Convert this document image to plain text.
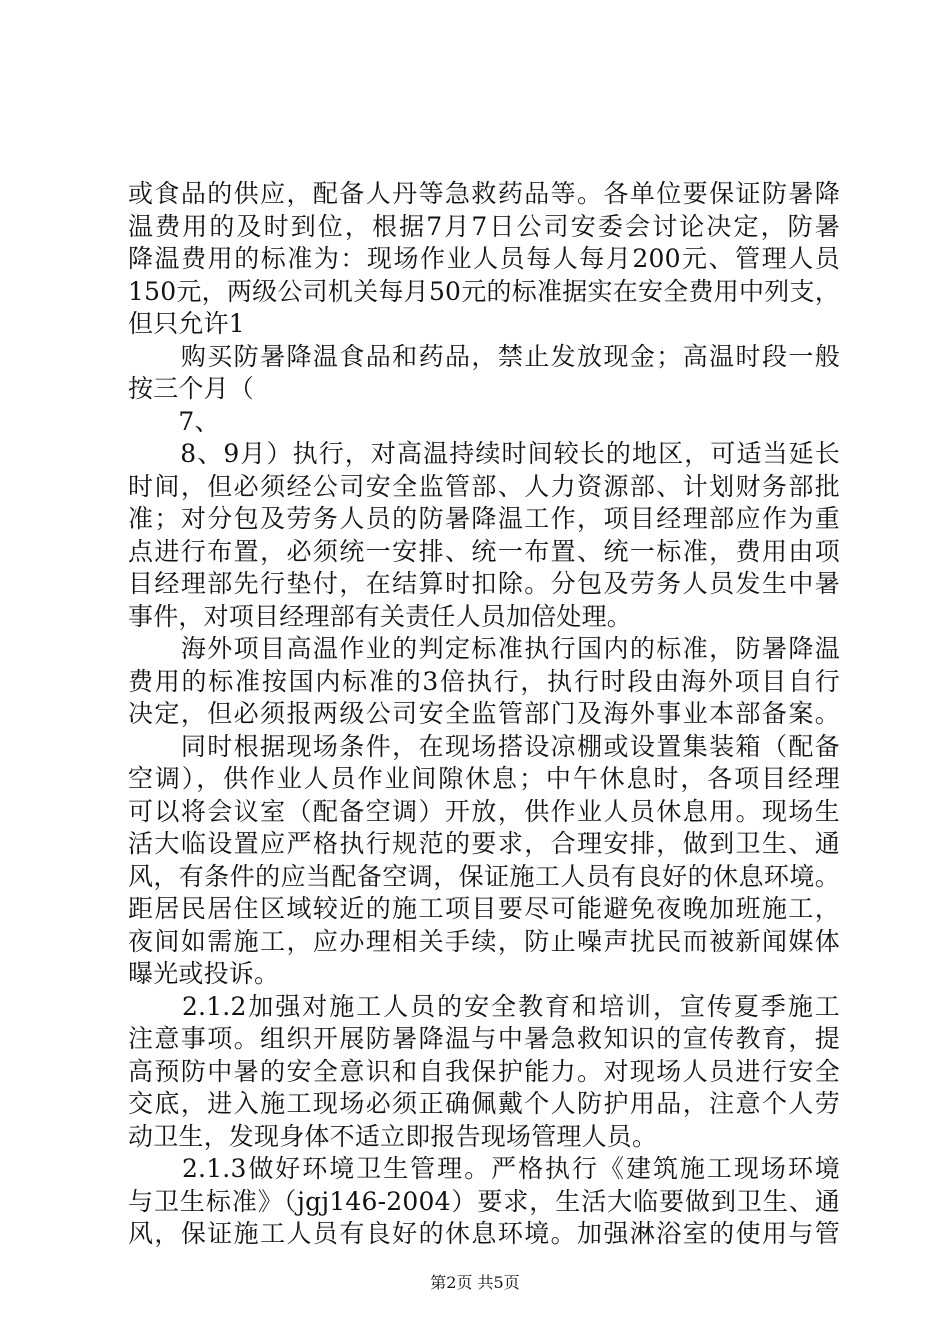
或食品的供应，配备人丹等急救药品等。各单位要保证防暑降
温费用的及时到位，根据7月7日公司安委会讨论决定，防暑
降温费用的标准为：现场作业人员每人每月200元、管理人员
150元，两级公司机关每月50元的标准据实在安全费用中列支，
但只允许1
　　购买防暑降温食品和药品，禁止发放现金；高温时段一般
按三个月（
　　7、
　　8、9月）执行，对高温持续时间较长的地区，可适当延长
时间，但必须经公司安全监管部、人力资源部、计划财务部批
准；对分包及劳务人员的防暑降温工作，项目经理部应作为重
点进行布置，必须统一安排、统一布置、统一标准，费用由项
目经理部先行垫付，在结算时扣除。分包及劳务人员发生中暑
事件，对项目经理部有关责任人员加倍处理。
　　海外项目高温作业的判定标准执行国内的标准，防暑降温
费用的标准按国内标准的3倍执行，执行时段由海外项目自行
决定，但必须报两级公司安全监管部门及海外事业本部备案。
　　同时根据现场条件，在现场搭设凉棚或设置集装箱（配备
空调），供作业人员作业间隙休息；中午休息时，各项目经理
可以将会议室（配备空调）开放，供作业人员休息用。现场生
活大临设置应严格执行规范的要求，合理安排，做到卫生、通
风，有条件的应当配备空调，保证施工人员有良好的休息环境。
距居民居住区域较近的施工项目要尽可能避免夜晚加班施工，
夜间如需施工，应办理相关手续，防止噪声扰民而被新闻媒体
曝光或投诉。
　　2.1.2加强对施工人员的安全教育和培训，宣传夏季施工
注意事项。组织开展防暑降温与中暑急救知识的宣传教育，提
高预防中暑的安全意识和自我保护能力。对现场人员进行安全
交底，进入施工现场必须正确佩戴个人防护用品，注意个人劳
动卫生，发现身体不适立即报告现场管理人员。
　　2.1.3做好环境卫生管理。严格执行《建筑施工现场环境
与卫生标准》（jgj146-2004）要求，生活大临要做到卫生、通
风，保证施工人员有良好的休息环境。加强淋浴室的使用与管
第2页 共5页
